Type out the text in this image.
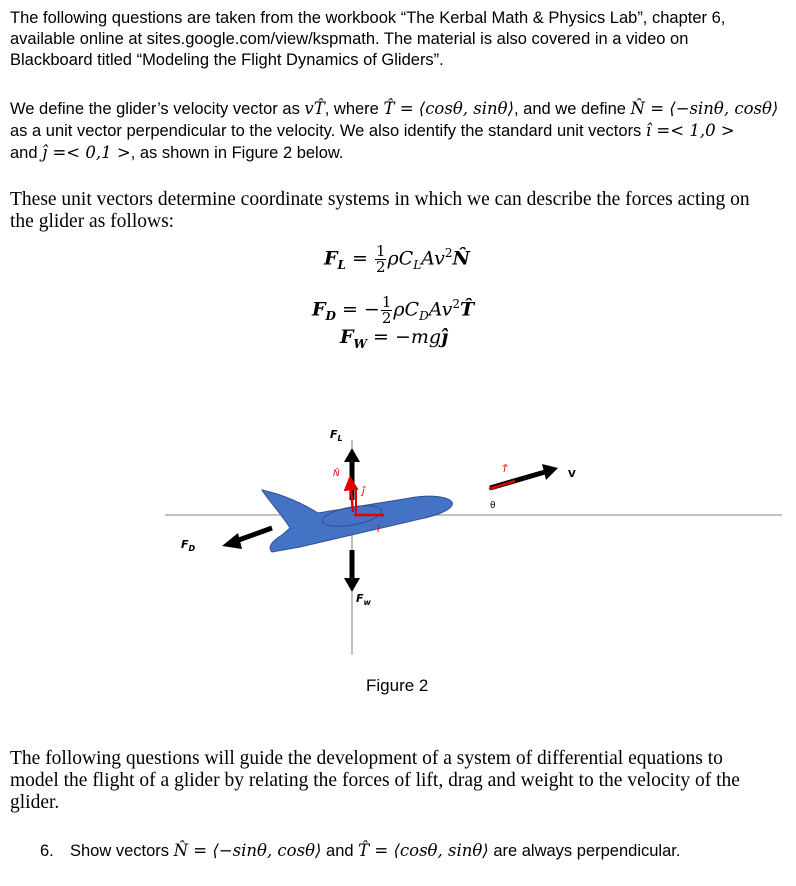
The following questions are taken from the workbook “The Kerbal Math & Physics Lab”, chapter 6,
available online at sites.google.com/view/kspmath. The material is also covered in a video on
Blackboard titled “Modeling the Flight Dynamics of Gliders”.

We define the glider’s velocity vector as vT̂, where T̂ = ⟨cosθ, sinθ⟩, and we define N̂ = ⟨−sinθ, cosθ⟩
as a unit vector perpendicular to the velocity. We also identify the standard unit vectors î =< 1,0 >
and ĵ =< 0,1 >, as shown in Figure 2 below.

These unit vectors determine coordinate systems in which we can describe the forces acting on
the glider as follows:

$F_L = \frac{1}{2}$ $\rho C_LAv^2N̂$
$F_D$ = − $\frac{1}{2}$ $\rho C_DAv^2T̂$
$F_W$ = −mgĵ
$F_L$
N̂
ĵ
î
T̂	V
θ
$F_D$
$F_w$
Figure 2

The following questions will guide the development of a system of differential equations to
model the flight of a glider by relating the forces of lift, drag and weight to the velocity of the
glider.

6. Show vectors N̂ = ⟨−sinθ, cosθ⟩ and T̂ = ⟨cosθ, sinθ⟩ are always perpendicular.
